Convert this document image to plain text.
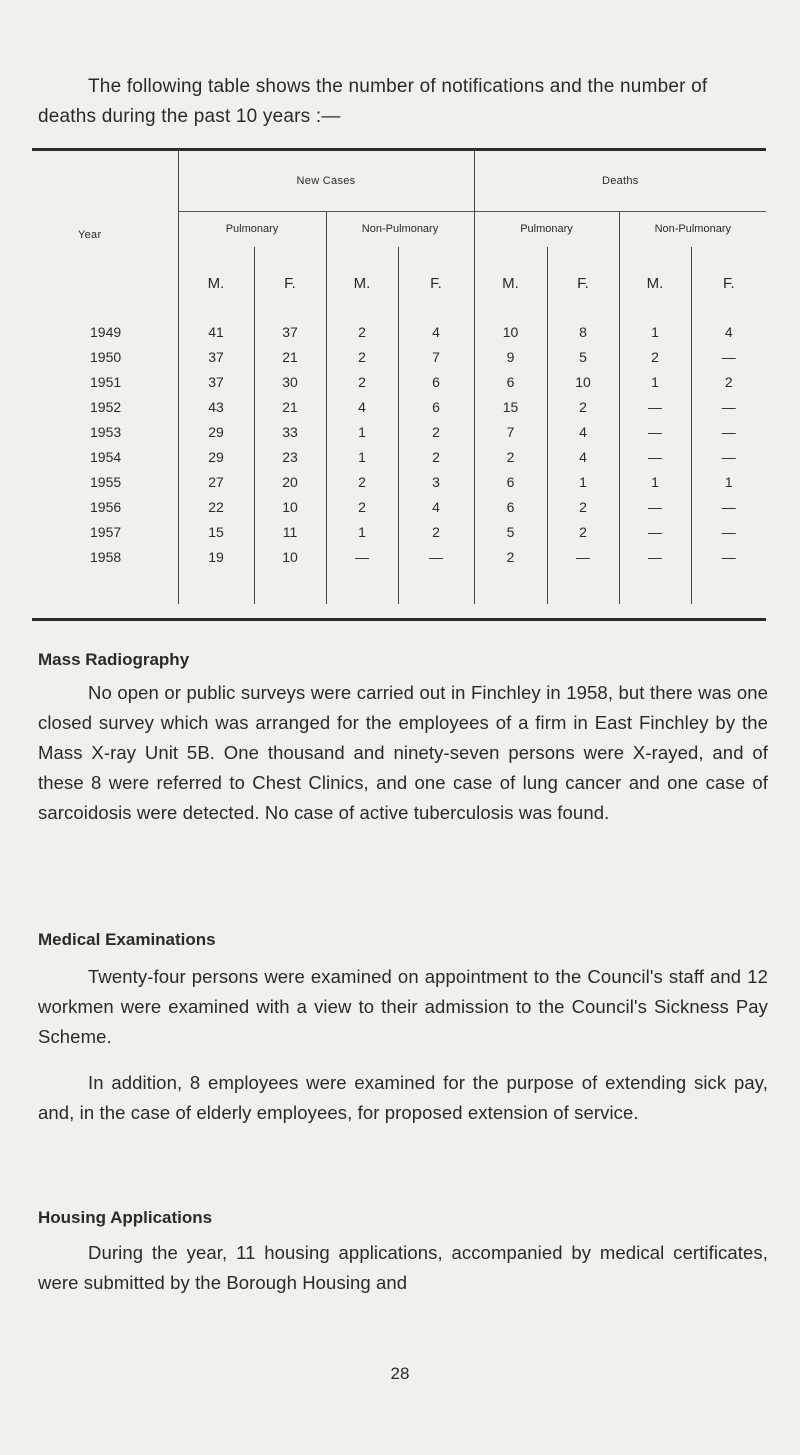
The following table shows the number of notifications and the number of deaths during the past 10 years :—

Year	New Cases				Deaths			
	Pulmonary		Non-Pulmonary		Pulmonary		Non-Pulmonary	
	M.	F.	M.	F.	M.	F.	M.	F.
1949	41	37	2	4	10	8	1	4
1950	37	21	2	7	9	5	2	—
1951	37	30	2	6	6	10	1	2
1952	43	21	4	6	15	2	—	—
1953	29	33	1	2	7	4	—	—
1954	29	23	1	2	2	4	—	—
1955	27	20	2	3	6	1	1	1
1956	22	10	2	4	6	2	—	—
1957	15	11	1	2	5	2	—	—
1958	19	10	—	—	2	—	—	—

Mass Radiography

No open or public surveys were carried out in Finchley in 1958, but there was one closed survey which was arranged for the employees of a firm in East Finchley by the Mass X-ray Unit 5B. One thousand and ninety-seven persons were X-rayed, and of these 8 were referred to Chest Clinics, and one case of lung cancer and one case of sarcoidosis were detected. No case of active tuberculosis was found.

Medical Examinations

Twenty-four persons were examined on appointment to the Council's staff and 12 workmen were examined with a view to their admission to the Council's Sickness Pay Scheme.

In addition, 8 employees were examined for the purpose of extending sick pay, and, in the case of elderly employees, for proposed extension of service.

Housing Applications

During the year, 11 housing applications, accompanied by medical certificates, were submitted by the Borough Housing and

28
